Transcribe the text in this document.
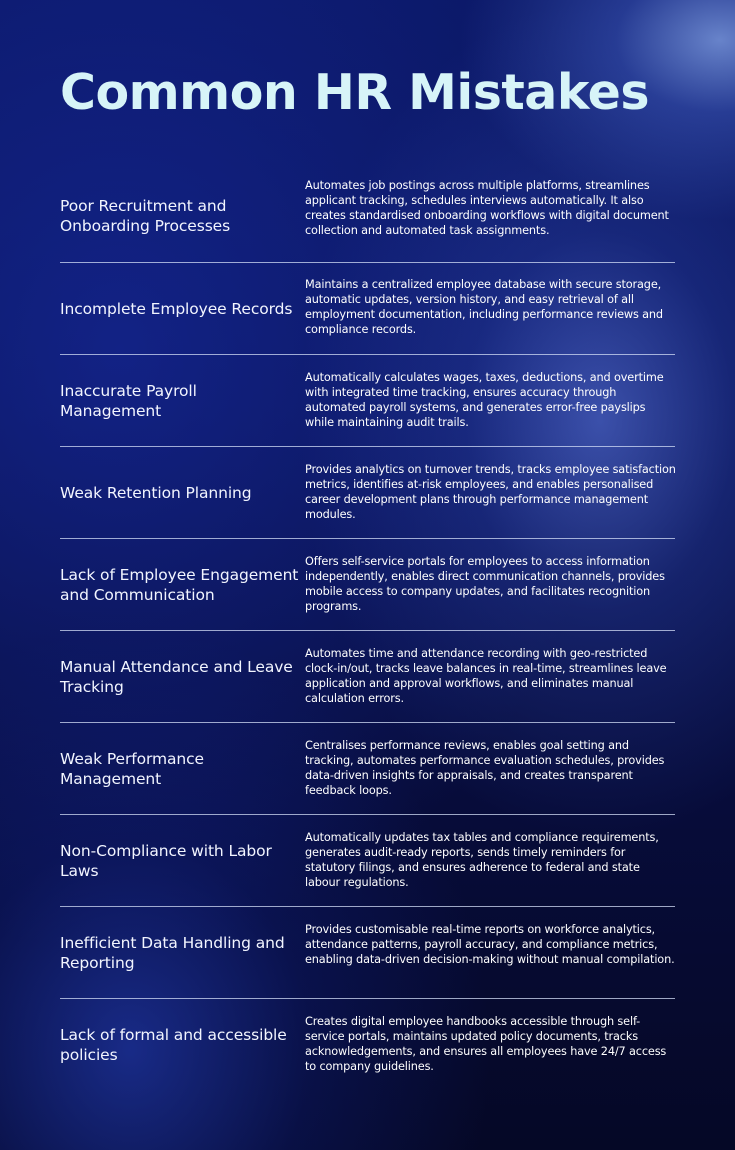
Common HR Mistakes
Poor Recruitment and Onboarding Processes
Automates job postings across multiple platforms, streamlines applicant tracking, schedules interviews automatically. It also creates standardised onboarding workflows with digital document collection and automated task assignments.
Incomplete Employee Records
Maintains a centralized employee database with secure storage, automatic updates, version history, and easy retrieval of all employment documentation, including performance reviews and compliance records.
Inaccurate Payroll Management
Automatically calculates wages, taxes, deductions, and overtime with integrated time tracking, ensures accuracy through automated payroll systems, and generates error-free payslips while maintaining audit trails.
Weak Retention Planning
Provides analytics on turnover trends, tracks employee satisfaction metrics, identifies at-risk employees, and enables personalised career development plans through performance management modules.
Lack of Employee Engagement and Communication
Offers self-service portals for employees to access information independently, enables direct communication channels, provides mobile access to company updates, and facilitates recognition programs.
Manual Attendance and Leave Tracking
Automates time and attendance recording with geo-restricted clock-in/out, tracks leave balances in real-time, streamlines leave application and approval workflows, and eliminates manual calculation errors.
Weak Performance Management
Centralises performance reviews, enables goal setting and tracking, automates performance evaluation schedules, provides data-driven insights for appraisals, and creates transparent feedback loops.
Non-Compliance with Labor Laws
Automatically updates tax tables and compliance requirements, generates audit-ready reports, sends timely reminders for statutory filings, and ensures adherence to federal and state labour regulations.
Inefficient Data Handling and Reporting
Provides customisable real-time reports on workforce analytics, attendance patterns, payroll accuracy, and compliance metrics, enabling data-driven decision-making without manual compilation.
Lack of formal and accessible policies
Creates digital employee handbooks accessible through self-service portals, maintains updated policy documents, tracks acknowledgements, and ensures all employees have 24/7 access to company guidelines.
